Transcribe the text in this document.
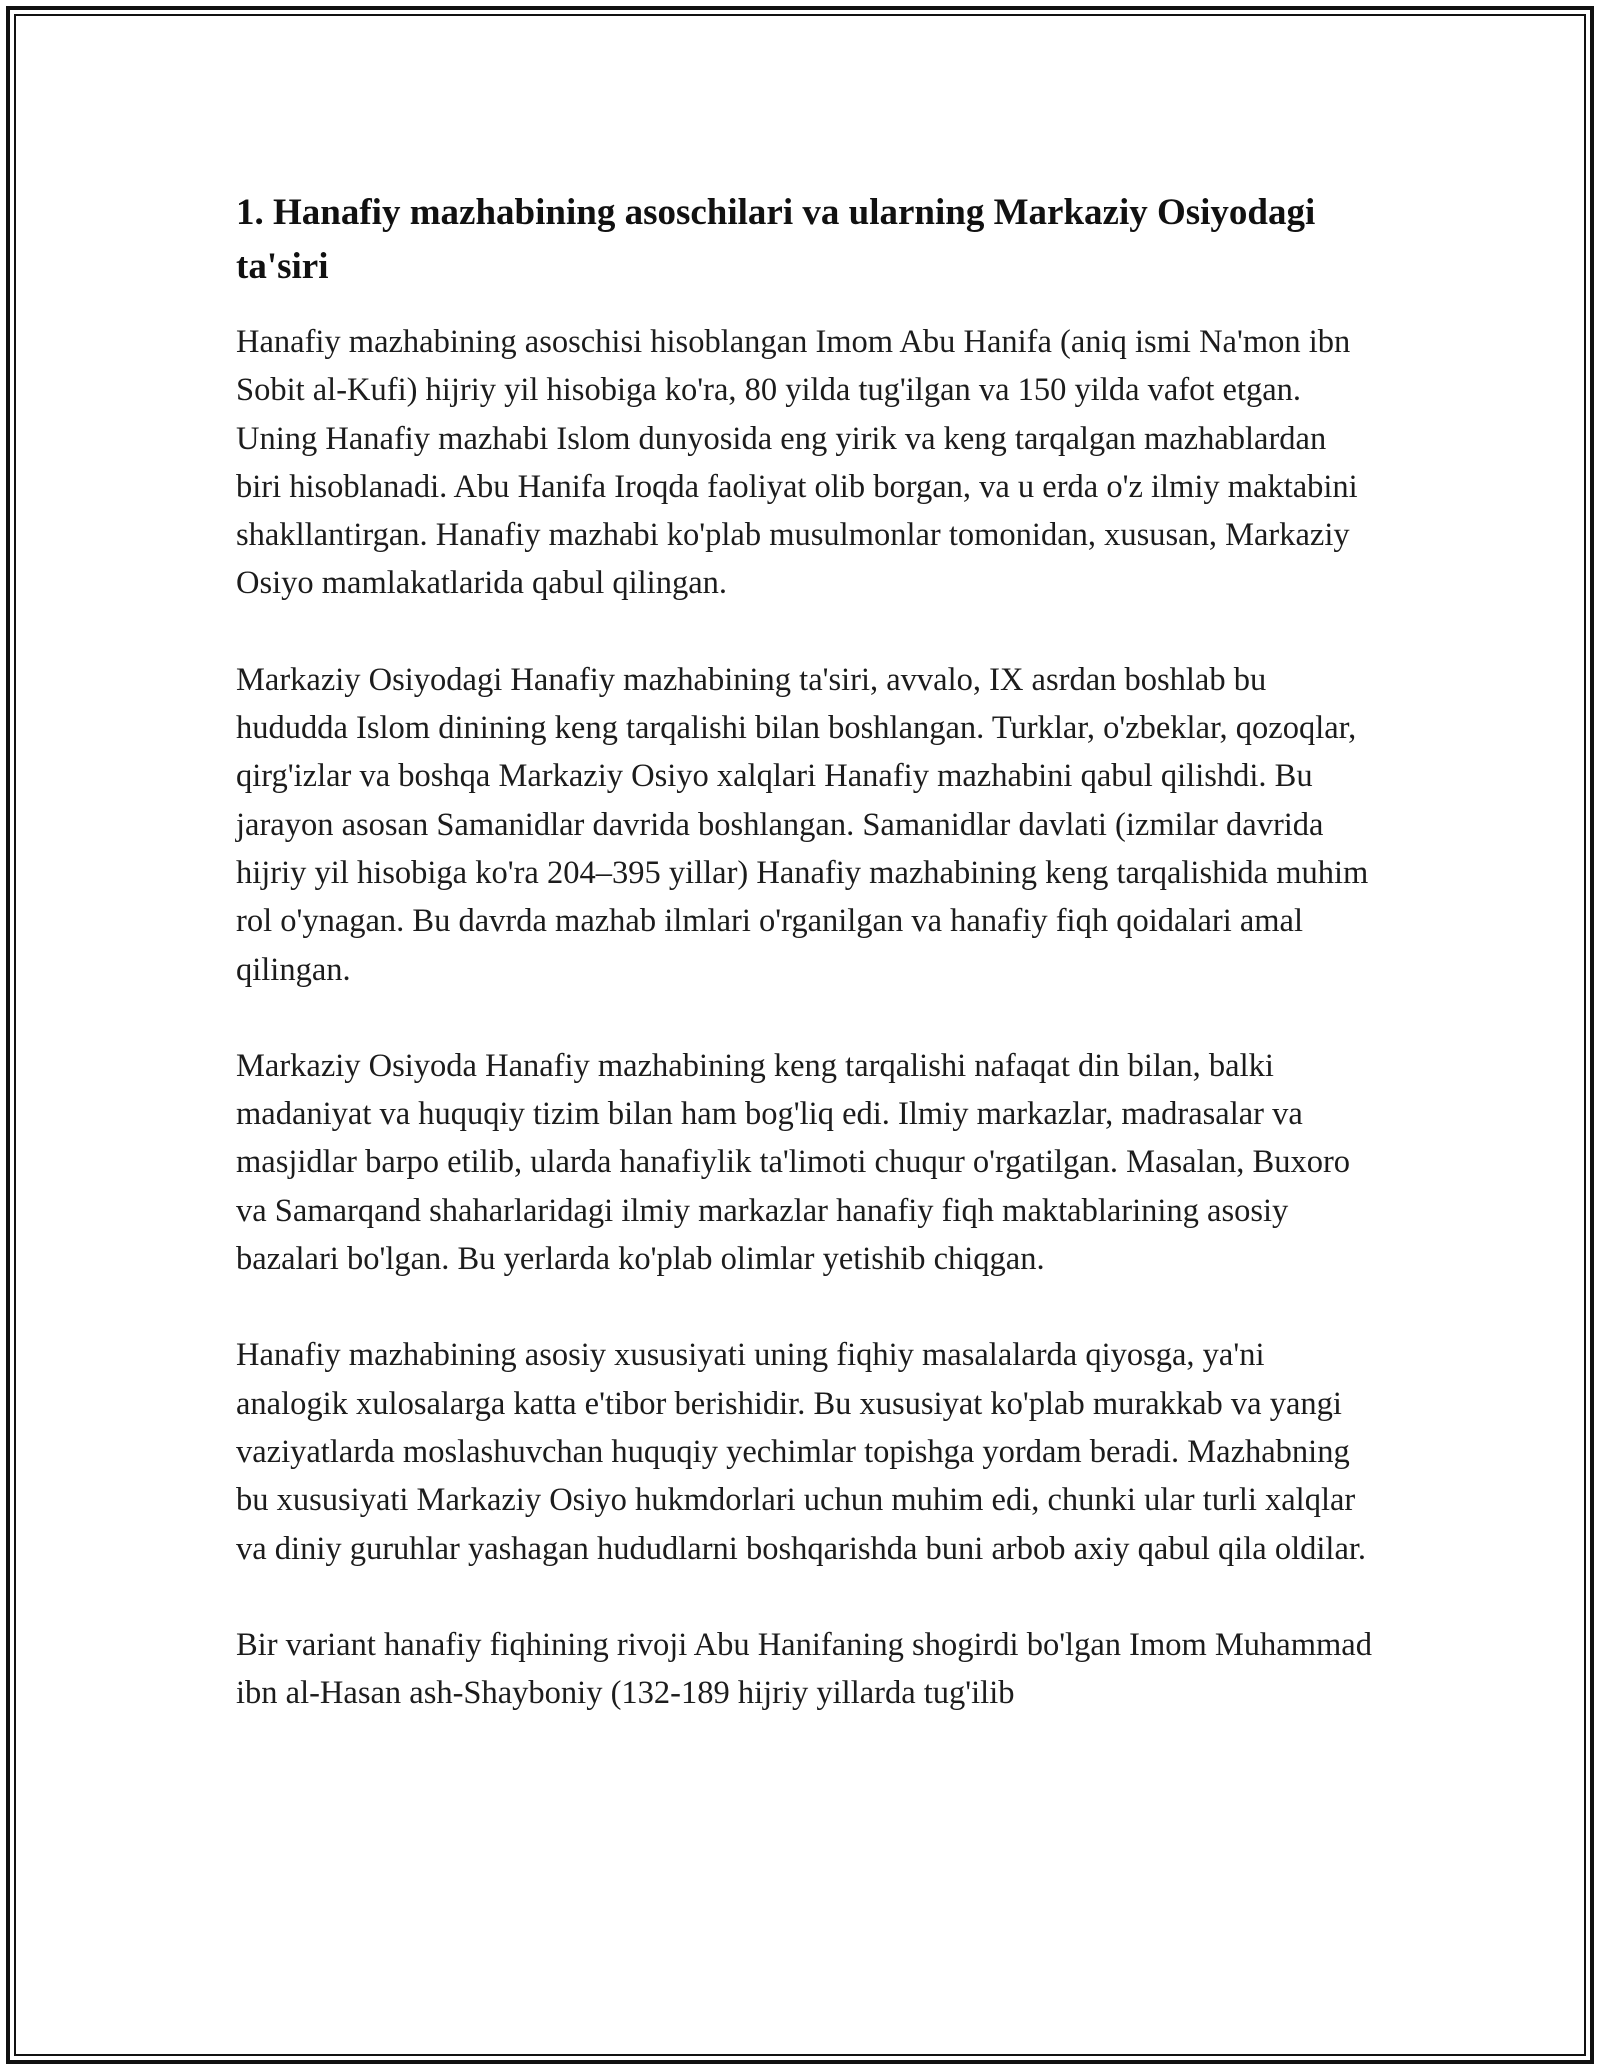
1. Hanafiy mazhabining asoschilari va ularning Markaziy Osiyodagi ta'siri

Hanafiy mazhabining asoschisi hisoblangan Imom Abu Hanifa (aniq ismi Na'mon ibn Sobit al-Kufi) hijriy yil hisobiga ko'ra, 80 yilda tug'ilgan va 150 yilda vafot etgan. Uning Hanafiy mazhabi Islom dunyosida eng yirik va keng tarqalgan mazhablardan biri hisoblanadi. Abu Hanifa Iroqda faoliyat olib borgan, va u erda o'z ilmiy maktabini shakllantirgan. Hanafiy mazhabi ko'plab musulmonlar tomonidan, xususan, Markaziy Osiyo mamlakatlarida qabul qilingan.

Markaziy Osiyodagi Hanafiy mazhabining ta'siri, avvalo, IX asrdan boshlab bu hududda Islom dinining keng tarqalishi bilan boshlangan. Turklar, o'zbeklar, qozoqlar, qirg'izlar va boshqa Markaziy Osiyo xalqlari Hanafiy mazhabini qabul qilishdi. Bu jarayon asosan Samanidlar davrida boshlangan. Samanidlar davlati (izmilar davrida hijriy yil hisobiga ko'ra 204–395 yillar) Hanafiy mazhabining keng tarqalishida muhim rol o'ynagan. Bu davrda mazhab ilmlari o'rganilgan va hanafiy fiqh qoidalari amal qilingan.

Markaziy Osiyoda Hanafiy mazhabining keng tarqalishi nafaqat din bilan, balki madaniyat va huquqiy tizim bilan ham bog'liq edi. Ilmiy markazlar, madrasalar va masjidlar barpo etilib, ularda hanafiylik ta'limoti chuqur o'rgatilgan. Masalan, Buxoro va Samarqand shaharlaridagi ilmiy markazlar hanafiy fiqh maktablarining asosiy bazalari bo'lgan. Bu yerlarda ko'plab olimlar yetishib chiqgan.

Hanafiy mazhabining asosiy xususiyati uning fiqhiy masalalarda qiyosga, ya'ni analogik xulosalarga katta e'tibor berishidir. Bu xususiyat ko'plab murakkab va yangi vaziyatlarda moslashuvchan huquqiy yechimlar topishga yordam beradi. Mazhabning bu xususiyati Markaziy Osiyo hukmdorlari uchun muhim edi, chunki ular turli xalqlar va diniy guruhlar yashagan hududlarni boshqarishda buni arbob axiy qabul qila oldilar.

Bir variant hanafiy fiqhining rivoji Abu Hanifaning shogirdi bo'lgan Imom Muhammad ibn al-Hasan ash-Shayboniy (132-189 hijriy yillarda tug'ilib
